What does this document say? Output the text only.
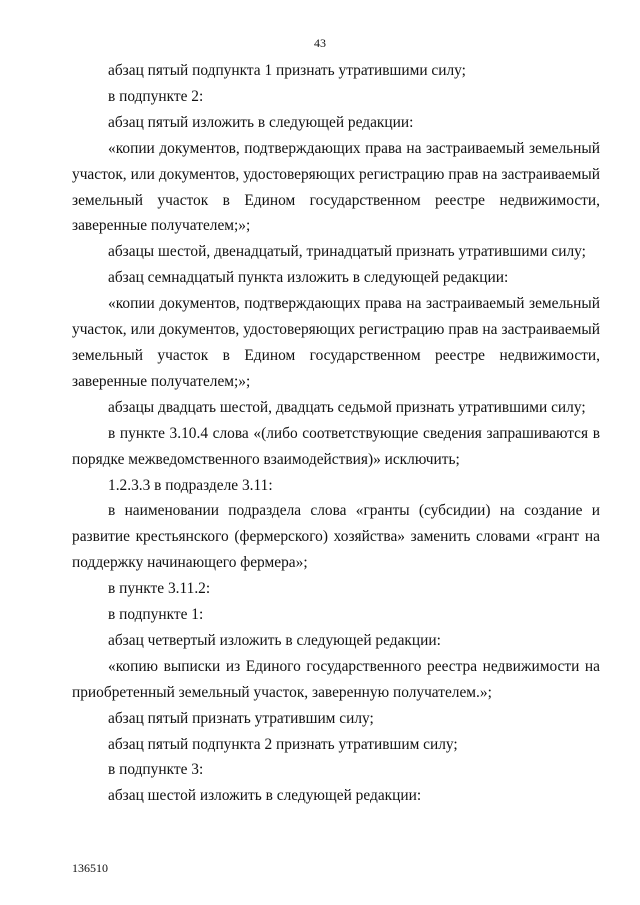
43

абзац пятый подпункта 1 признать утратившими силу;

в подпункте 2:

абзац пятый изложить в следующей редакции:

«копии документов, подтверждающих права на застраиваемый земельный участок, или документов, удостоверяющих регистрацию прав на застраиваемый земельный участок в Едином государственном реестре недвижимости, заверенные получателем;»;

абзацы шестой, двенадцатый, тринадцатый признать утратившими силу;

абзац семнадцатый пункта изложить в следующей редакции:

«копии документов, подтверждающих права на застраиваемый земельный участок, или документов, удостоверяющих регистрацию прав на застраиваемый земельный участок в Едином государственном реестре недвижимости, заверенные получателем;»;

абзацы двадцать шестой, двадцать седьмой признать утратившими силу;

в пункте 3.10.4 слова «(либо соответствующие сведения запрашиваются в порядке межведомственного взаимодействия)» исключить;

1.2.3.3 в подразделе 3.11:

в наименовании подраздела слова «гранты (субсидии) на создание и развитие крестьянского (фермерского) хозяйства» заменить словами «грант на поддержку начинающего фермера»;

в пункте 3.11.2:

в подпункте 1:

абзац четвертый изложить в следующей редакции:

«копию выписки из Единого государственного реестра недвижимости на приобретенный земельный участок, заверенную получателем.»;

абзац пятый признать утратившим силу;

абзац пятый подпункта 2 признать утратившим силу;

в подпункте 3:

абзац шестой изложить в следующей редакции:

136510
